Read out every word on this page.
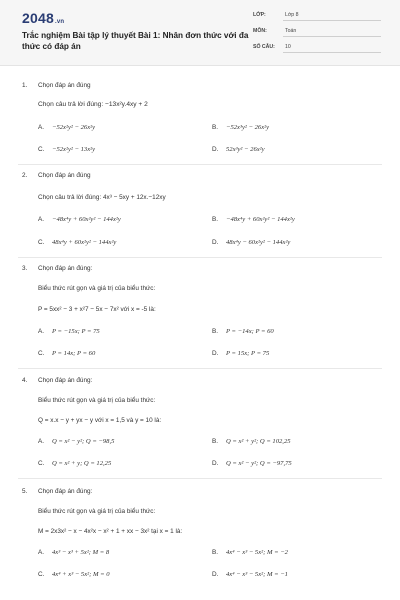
2048.vn
Trắc nghiệm Bài tập lý thuyết Bài 1: Nhân đơn thức với đa thức có đáp án
LỚP:	Lớp 8
MÔN:	Toán
SỐ CÂU: 10
1. Chọn đáp án đúng
Chọn câu trả lời đúng: −13x²y.4xy + 2
A. −52x²y² − 26x²y	B. −52x³y² − 26x²y
C. −52x²y² − 13x²y	D. 52x³y² − 26x²y
2. Chọn đáp án đúng
Chọn câu trả lời đúng: 4x³ − 5xy + 12x.−12xy
A. −48x⁴y + 60x²y² − 144x²y	B. −48x⁴y + 60x²y² − 144x²y
C. 48x⁴y + 60x²y² − 144x²y	D. 48x⁴y − 60x²y² − 144x²y
3. Chọn đáp án đúng:
Biểu thức rút gọn và giá trị của biểu thức:
P = 5xx² − 3 + x²7 − 5x − 7x² với x = -5 là:
A. P = −15x; P = 75	B. P = −14x; P = 60
C. P = 14x; P = 60	D. P = 15x; P = 75
4. Chọn đáp án đúng:
Biểu thức rút gọn và giá trị của biểu thức:
Q = x.x − y + yx − y với x = 1,5 và y = 10 là:
A. Q = x² − y²; Q = −98,5	B. Q = x² + y²; Q = 102,25
C. Q = x² + y; Q = 12,25	D. Q = x² − y²; Q = −97,75
5. Chọn đáp án đúng:
Biểu thức rút gọn và giá trị của biểu thức:
M = 2x3x² − x − 4x²x − x² + 1 + xx − 3x² tại x = 1 là:
A. 4x³ − x³ + 5x²; M = 8	B. 4x⁴ − x³ − 5x²; M = −2
C. 4x⁴ + x³ − 5x²; M = 0	D. 4x⁴ − x³ − 5x²; M = −1
